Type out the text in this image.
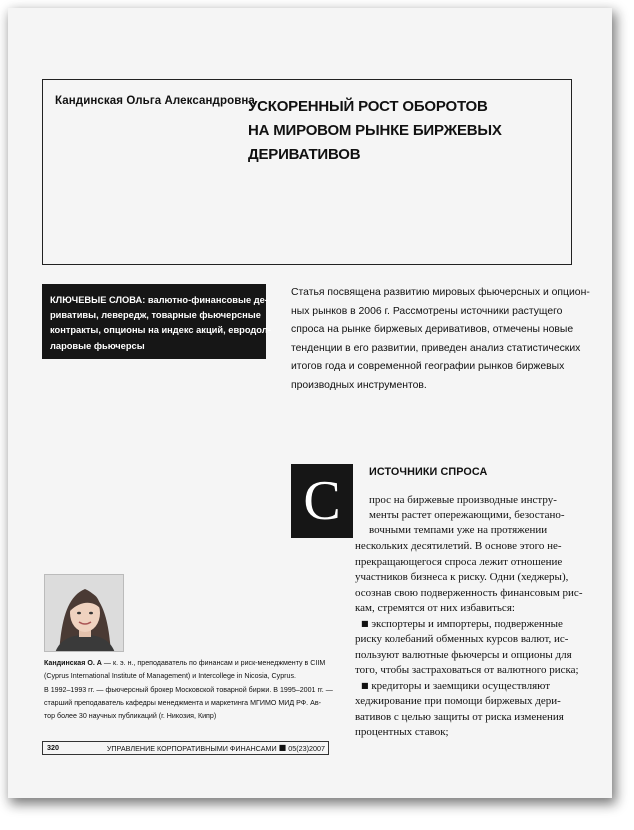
Кандинская Ольга Александровна
УСКОРЕННЫЙ РОСТ ОБОРОТОВ
НА МИРОВОМ РЫНКЕ БИРЖЕВЫХ
ДЕРИВАТИВОВ
КЛЮЧЕВЫЕ СЛОВА: валютно-финансовые де-
ривативы, левередж, товарные фьючерсные
контракты, опционы на индекс акций, евродол-
ларовые фьючерсы
Статья посвящена развитию мировых фьючерсных и опцион-
ных рынков в 2006 г. Рассмотрены источники растущего
спроса на рынке биржевых деривативов, отмечены новые
тенденции в его развитии, приведен анализ статистических
итогов года и современной географии рынков биржевых
производных инструментов.
С	ИСТОЧНИКИ СПРОСА
прос на биржевые производные инстру-
менты растет опережающими, безостано-
вочными темпами уже на протяжении
нескольких десятилетий. В основе этого не-
прекращающегося спроса лежит отношение
участников бизнеса к риску. Одни (хеджеры),
осознав свою подверженность финансовым рис-
кам, стремятся от них избавиться:
■ экспортеры и импортеры, подверженные
риску колебаний обменных курсов валют, ис-
пользуют валютные фьючерсы и опционы для
того, чтобы застраховаться от валютного риска;
■ кредиторы и заемщики осуществляют
хеджирование при помощи биржевых дери-
вативов с целью защиты от риска изменения
процентных ставок;
Кандинская О. А — к. э. н., преподаватель по финансам и риск-менеджменту в CIIM
(Cyprus International Institute of Management) и Intercollege in Nicosia, Cyprus.
В 1992–1993 гг. — фьючерсный брокер Московской товарной биржи. В 1995–2001 гг. —
старший преподаватель кафедры менеджмента и маркетинга МГИМО МИД РФ. Ав-
тор более 30 научных публикаций (г. Никозия, Кипр)
320	УПРАВЛЕНИЕ КОРПОРАТИВНЫМИ ФИНАНСАМИ ■ 05(23)2007
